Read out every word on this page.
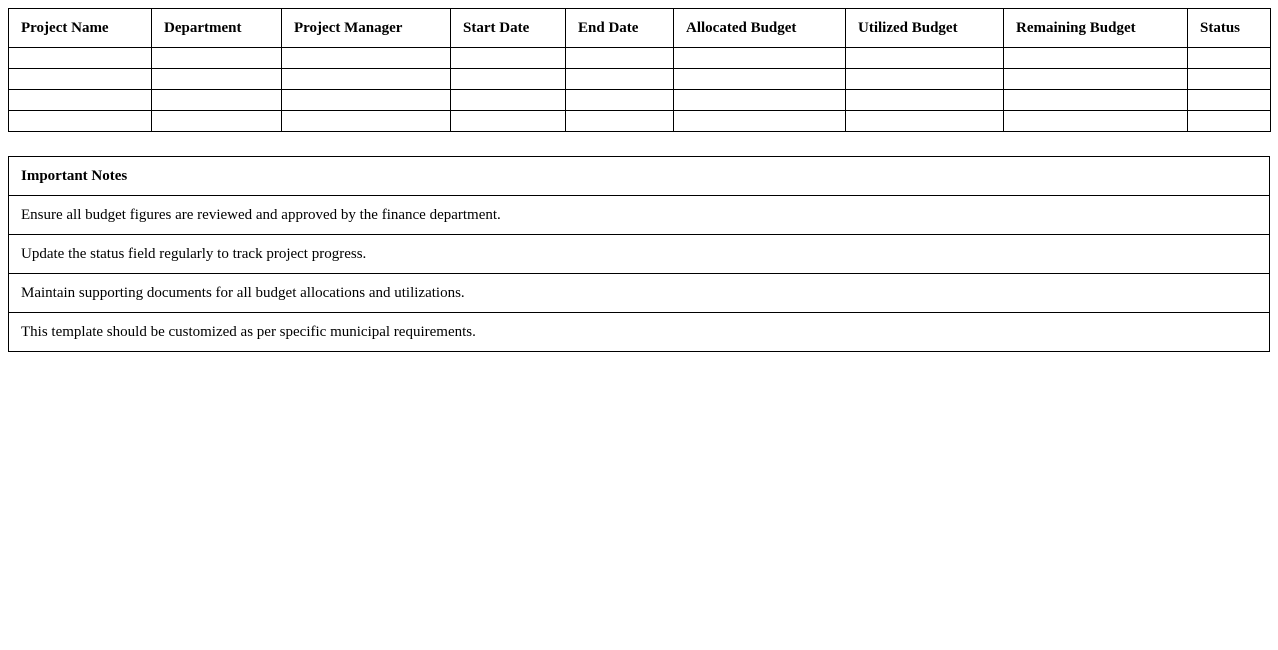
Project Name	Department	Project Manager	Start Date	End Date	Allocated Budget	Utilized Budget	Remaining Budget	Status

Important Notes
Ensure all budget figures are reviewed and approved by the finance department.
Update the status field regularly to track project progress.
Maintain supporting documents for all budget allocations and utilizations.
This template should be customized as per specific municipal requirements.
